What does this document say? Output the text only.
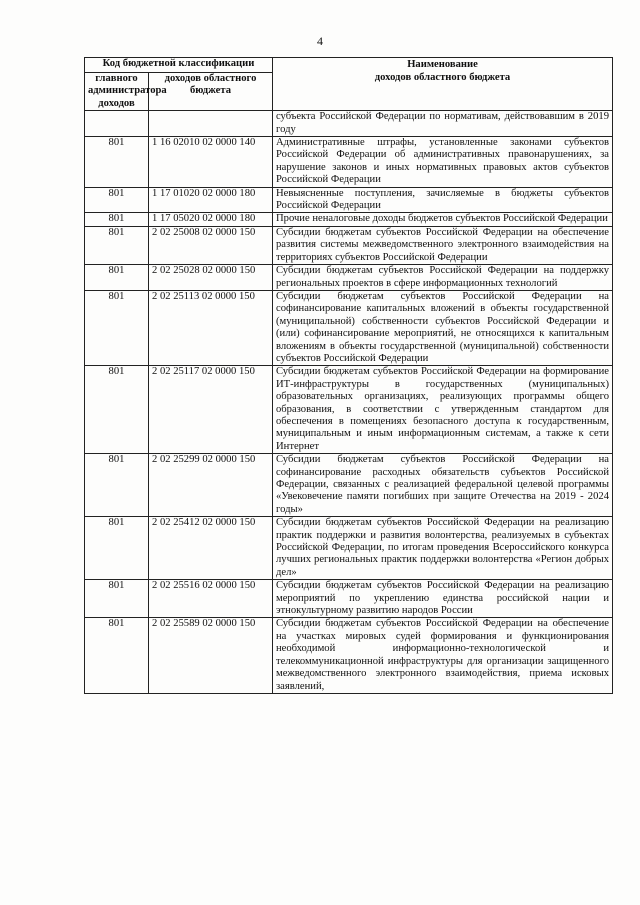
4
Код бюджетной классификации		Наименование
доходов областного бюджета
главного администратора доходов	доходов областного бюджета	
		субъекта Российской Федерации по нормативам, действовавшим в 2019 году
801	1 16 02010 02 0000 140	Административные штрафы, установленные законами субъектов Российской Федерации об административных правонарушениях, за нарушение законов и иных нормативных правовых актов субъектов Российской Федерации
801	1 17 01020 02 0000 180	Невыясненные поступления, зачисляемые в бюджеты субъектов Российской Федерации
801	1 17 05020 02 0000 180	Прочие неналоговые доходы бюджетов субъектов Российской Федерации
801	2 02 25008 02 0000 150	Субсидии бюджетам субъектов Российской Федерации на обеспечение развития системы межведомственного электронного взаимодействия на территориях субъектов Российской Федерации
801	2 02 25028 02 0000 150	Субсидии бюджетам субъектов Российской Федерации на поддержку региональных проектов в сфере информационных технологий
801	2 02 25113 02 0000 150	Субсидии бюджетам субъектов Российской Федерации на софинансирование капитальных вложений в объекты государственной (муниципальной) собственности субъектов Российской Федерации и (или) софинансирование мероприятий, не относящихся к капитальным вложениям в объекты государственной (муниципальной) собственности субъектов Российской Федерации
801	2 02 25117 02 0000 150	Субсидии бюджетам субъектов Российской Федерации на формирование ИТ-инфраструктуры в государственных (муниципальных) образовательных организациях, реализующих программы общего образования, в соответствии с утвержденным стандартом для обеспечения в помещениях безопасного доступа к государственным, муниципальным и иным информационным системам, а также к сети Интернет
801	2 02 25299 02 0000 150	Субсидии бюджетам субъектов Российской Федерации на софинансирование расходных обязательств субъектов Российской Федерации, связанных с реализацией федеральной целевой программы «Увековечение памяти погибших при защите Отечества на 2019 - 2024 годы»
801	2 02 25412 02 0000 150	Субсидии бюджетам субъектов Российской Федерации на реализацию практик поддержки и развития волонтерства, реализуемых в субъектах Российской Федерации, по итогам проведения Всероссийского конкурса лучших региональных практик поддержки волонтерства «Регион добрых дел»
801	2 02 25516 02 0000 150	Субсидии бюджетам субъектов Российской Федерации на реализацию мероприятий по укреплению единства российской нации и этнокультурному развитию народов России
801	2 02 25589 02 0000 150	Субсидии бюджетам субъектов Российской Федерации на обеспечение на участках мировых судей формирования и функционирования необходимой информационно-технологической и телекоммуникационной инфраструктуры для организации защищенного межведомственного электронного взаимодействия, приема исковых заявлений,
